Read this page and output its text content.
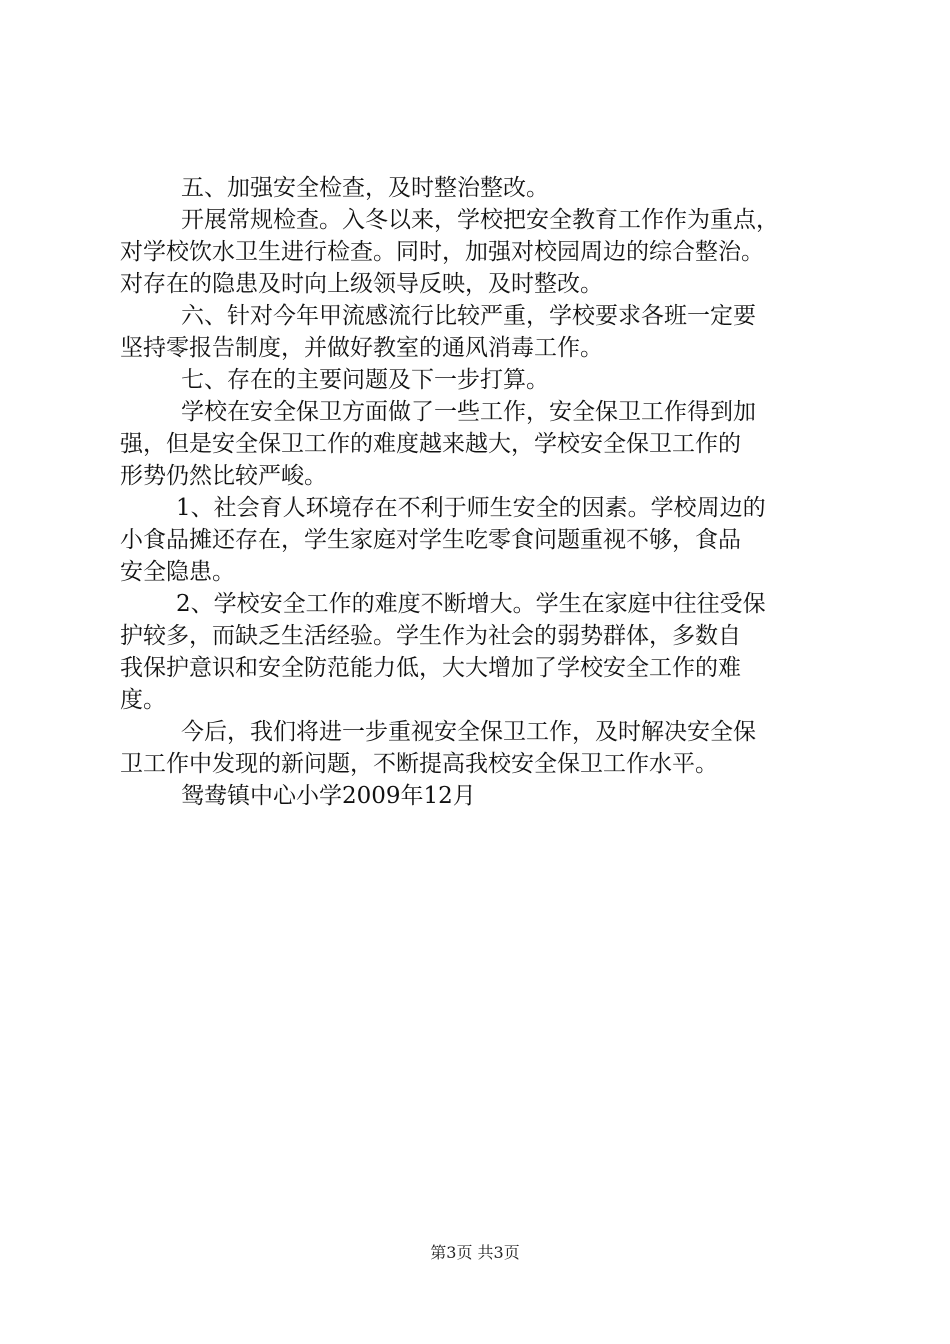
五、加强安全检查，及时整治整改。
开展常规检查。入冬以来，学校把安全教育工作作为重点，
对学校饮水卫生进行检查。同时，加强对校园周边的综合整治。
对存在的隐患及时向上级领导反映，及时整改。
六、针对今年甲流感流行比较严重，学校要求各班一定要
坚持零报告制度，并做好教室的通风消毒工作。
七、存在的主要问题及下一步打算。
学校在安全保卫方面做了一些工作，安全保卫工作得到加
强，但是安全保卫工作的难度越来越大，学校安全保卫工作的
形势仍然比较严峻。
1、社会育人环境存在不利于师生安全的因素。学校周边的
小食品摊还存在，学生家庭对学生吃零食问题重视不够，食品
安全隐患。
2、学校安全工作的难度不断增大。学生在家庭中往往受保
护较多，而缺乏生活经验。学生作为社会的弱势群体，多数自
我保护意识和安全防范能力低，大大增加了学校安全工作的难
度。
今后，我们将进一步重视安全保卫工作，及时解决安全保
卫工作中发现的新问题，不断提高我校安全保卫工作水平。
鸳鸯镇中心小学2009年12月
第3页 共3页
